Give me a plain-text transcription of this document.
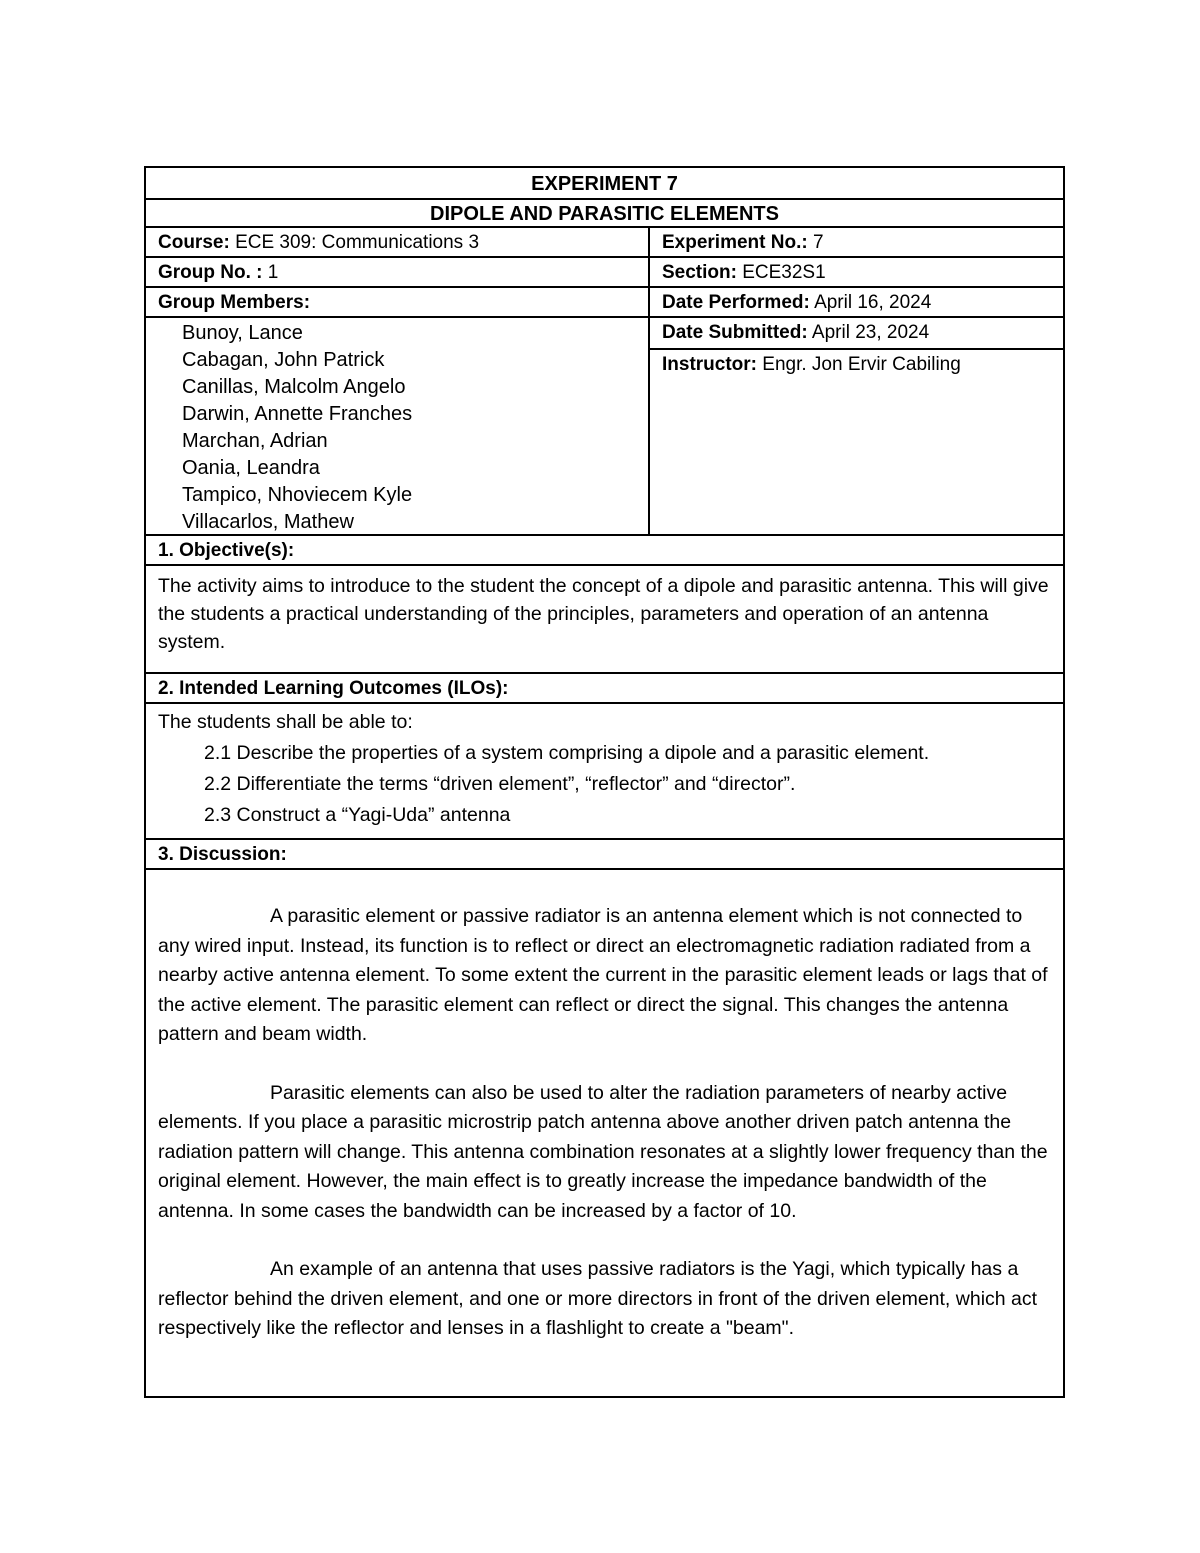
EXPERIMENT 7
DIPOLE AND PARASITIC ELEMENTS
Course: ECE 309: Communications 3	Experiment No.: 7
Group No. : 1	Section: ECE32S1
Group Members:	Date Performed: April 16, 2024
Bunoy, Lance
Cabagan, John Patrick
Canillas, Malcolm Angelo
Darwin, Annette Franches
Marchan, Adrian
Oania, Leandra
Tampico, Nhoviecem Kyle
Villacarlos, Mathew
Date Submitted: April 23, 2024
Instructor: Engr. Jon Ervir Cabiling
1. Objective(s):
The activity aims to introduce to the student the concept of a dipole and parasitic antenna. This will give the students a practical understanding of the principles, parameters and operation of an antenna system.
2. Intended Learning Outcomes (ILOs):
The students shall be able to:
2.1 Describe the properties of a system comprising a dipole and a parasitic element.
2.2 Differentiate the terms “driven element”, “reflector” and “director”.
2.3 Construct a “Yagi-Uda” antenna
3. Discussion:

A parasitic element or passive radiator is an antenna element which is not connected to any wired input. Instead, its function is to reflect or direct an electromagnetic radiation radiated from a nearby active antenna element. To some extent the current in the parasitic element leads or lags that of the active element. The parasitic element can reflect or direct the signal. This changes the antenna pattern and beam width.

Parasitic elements can also be used to alter the radiation parameters of nearby active elements. If you place a parasitic microstrip patch antenna above another driven patch antenna the radiation pattern will change. This antenna combination resonates at a slightly lower frequency than the original element. However, the main effect is to greatly increase the impedance bandwidth of the antenna. In some cases the bandwidth can be increased by a factor of 10.

An example of an antenna that uses passive radiators is the Yagi, which typically has a reflector behind the driven element, and one or more directors in front of the driven element, which act respectively like the reflector and lenses in a flashlight to create a "beam".
